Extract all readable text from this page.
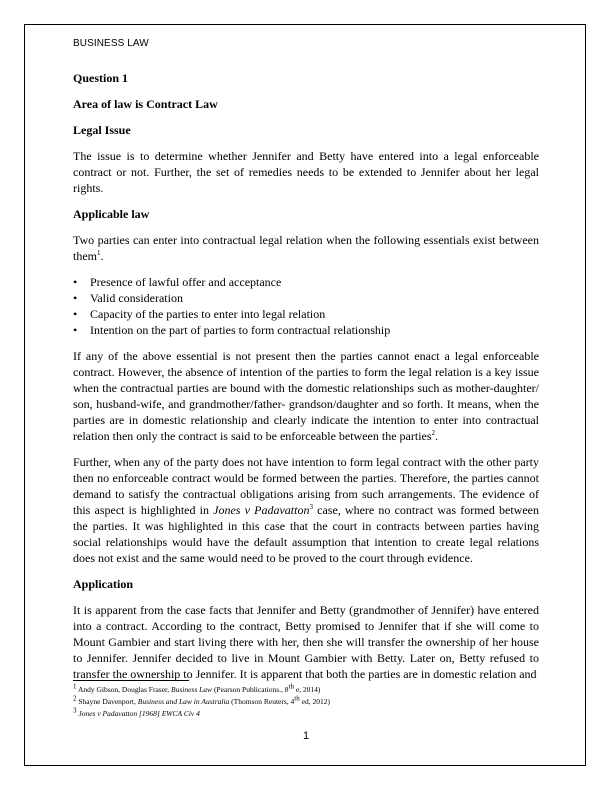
BUSINESS LAW

Question 1

Area of law is Contract Law

Legal Issue

The issue is to determine whether Jennifer and Betty have entered into a legal enforceable contract or not. Further, the set of remedies needs to be extended to Jennifer about her legal rights.

Applicable law

Two parties can enter into contractual legal relation when the following essentials exist between them$^1$.

• Presence of lawful offer and acceptance
• Valid consideration
• Capacity of the parties to enter into legal relation
• Intention on the part of parties to form contractual relationship

If any of the above essential is not present then the parties cannot enact a legal enforceable contract. However, the absence of intention of the parties to form the legal relation is a key issue when the contractual parties are bound with the domestic relationships such as mother-daughter/ son, husband-wife, and grandmother/father- grandson/daughter and so forth. It means, when the parties are in domestic relationship and clearly indicate the intention to enter into contractual relation then only the contract is said to be enforceable between the parties$^2$.

Further, when any of the party does not have intention to form legal contract with the other party then no enforceable contract would be formed between the parties. Therefore, the parties cannot demand to satisfy the contractual obligations arising from such arrangements. The evidence of this aspect is highlighted in Jones v Padavatton$^3$ case, where no contract was formed between the parties. It was highlighted in this case that the court in contracts between parties having social relationships would have the default assumption that intention to create legal relations does not exist and the same would need to be proved to the court through evidence.

Application

It is apparent from the case facts that Jennifer and Betty (grandmother of Jennifer) have entered into a contract. According to the contract, Betty promised to Jennifer that if she will come to Mount Gambier and start living there with her, then she will transfer the ownership of her house to Jennifer. Jennifer decided to live in Mount Gambier with Betty. Later on, Betty refused to transfer the ownership to Jennifer. It is apparent that both the parties are in domestic relation and

$^1$ Andy Gibson, Douglas Fraser, Business Law (Pearson Publications., 8th e, 2014)
$^2$ Shayne Davenport, Business and Law in Australia (Thomson Reuters, 4th ed, 2012)
$^3$ Jones v Padavatton [1968] EWCA Civ 4
1
